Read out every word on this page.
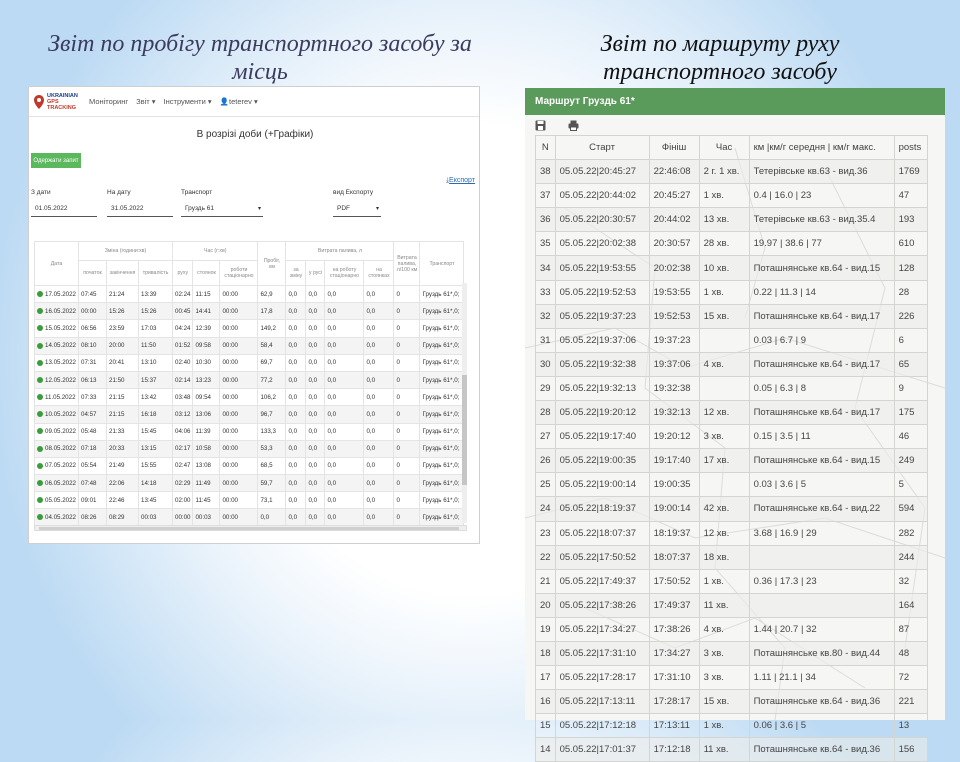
Звіт по пробігу транспортного засобу за місць
Звіт по маршруту руху транспортного засобу
UKRAINIAN
GPS TRACKING
Моніторинг Звіт ▾ Інструменти ▾ 👤teterev ▾
В розрізі доби (+Графіки)
Одержати запит
⤓Експорт
З дати
01.05.2022
На дату
31.05.2022
Транспорт
Груздь 61 ▾
вид Експорту
PDF ▾
Дата	Зміна (години:хв)			Час (г:хв)			Пробіг, км	Витрата палива, л				Витрата палива, л/100 км	Транспорт
	початок	закінчення	тривалість	руху	стоянок	роботи стаціонарно		за зміну	у русі	на роботу стаціонарно	на стоянках		
17.05.2022	07:45	21:24	13:39	02:24	11:15	00:00	62,9	0,0	0,0	0,0	0,0	0	Груздь 61*,0;
16.05.2022	00:00	15:26	15:26	00:45	14:41	00:00	17,8	0,0	0,0	0,0	0,0	0	Груздь 61*,0;
15.05.2022	06:56	23:59	17:03	04:24	12:39	00:00	149,2	0,0	0,0	0,0	0,0	0	Груздь 61*,0;
14.05.2022	08:10	20:00	11:50	01:52	09:58	00:00	58,4	0,0	0,0	0,0	0,0	0	Груздь 61*,0;
13.05.2022	07:31	20:41	13:10	02:40	10:30	00:00	69,7	0,0	0,0	0,0	0,0	0	Груздь 61*,0;
12.05.2022	06:13	21:50	15:37	02:14	13:23	00:00	77,2	0,0	0,0	0,0	0,0	0	Груздь 61*,0;
11.05.2022	07:33	21:15	13:42	03:48	09:54	00:00	106,2	0,0	0,0	0,0	0,0	0	Груздь 61*,0;
10.05.2022	04:57	21:15	16:18	03:12	13:06	00:00	96,7	0,0	0,0	0,0	0,0	0	Груздь 61*,0;
09.05.2022	05:48	21:33	15:45	04:06	11:39	00:00	133,3	0,0	0,0	0,0	0,0	0	Груздь 61*,0;
08.05.2022	07:18	20:33	13:15	02:17	10:58	00:00	53,3	0,0	0,0	0,0	0,0	0	Груздь 61*,0;
07.05.2022	05:54	21:49	15:55	02:47	13:08	00:00	68,5	0,0	0,0	0,0	0,0	0	Груздь 61*,0;
06.05.2022	07:48	22:06	14:18	02:29	11:49	00:00	59,7	0,0	0,0	0,0	0,0	0	Груздь 61*,0;
05.05.2022	09:01	22:46	13:45	02:00	11:45	00:00	73,1	0,0	0,0	0,0	0,0	0	Груздь 61*,0;
04.05.2022	08:26	08:29	00:03	00:00	00:03	00:00	0,0	0,0	0,0	0,0	0,0	0	Груздь 61*,0;
Маршрут Груздь 61*
N	Старт	Фініш	Час	км |км/г середня | км/г макс.	posts
38	05.05.22|20:45:27	22:46:08	2 г. 1 хв.	Тетерівське кв.63 - вид.36	1769
37	05.05.22|20:44:02	20:45:27	1 хв.	0.4 | 16.0 | 23	47
36	05.05.22|20:30:57	20:44:02	13 хв.	Тетерівське кв.63 - вид.35.4	193
35	05.05.22|20:02:38	20:30:57	28 хв.	19.97 | 38.6 | 77	610
34	05.05.22|19:53:55	20:02:38	10 хв.	Поташнянське кв.64 - вид.15	128
33	05.05.22|19:52:53	19:53:55	1 хв.	0.22 | 11.3 | 14	28
32	05.05.22|19:37:23	19:52:53	15 хв.	Поташнянське кв.64 - вид.17	226
31	05.05.22|19:37:06	19:37:23		0.03 | 6.7 | 9	6
30	05.05.22|19:32:38	19:37:06	4 хв.	Поташнянське кв.64 - вид.17	65
29	05.05.22|19:32:13	19:32:38		0.05 | 6.3 | 8	9
28	05.05.22|19:20:12	19:32:13	12 хв.	Поташнянське кв.64 - вид.17	175
27	05.05.22|19:17:40	19:20:12	3 хв.	0.15 | 3.5 | 11	46
26	05.05.22|19:00:35	19:17:40	17 хв.	Поташнянське кв.64 - вид.15	249
25	05.05.22|19:00:14	19:00:35		0.03 | 3.6 | 5	5
24	05.05.22|18:19:37	19:00:14	42 хв.	Поташнянське кв.64 - вид.22	594
23	05.05.22|18:07:37	18:19:37	12 хв.	3.68 | 16.9 | 29	282
22	05.05.22|17:50:52	18:07:37	18 хв.		244
21	05.05.22|17:49:37	17:50:52	1 хв.	0.36 | 17.3 | 23	32
20	05.05.22|17:38:26	17:49:37	11 хв.		164
19	05.05.22|17:34:27	17:38:26	4 хв.	1.44 | 20.7 | 32	87
18	05.05.22|17:31:10	17:34:27	3 хв.	Поташнянське кв.80 - вид.44	48
17	05.05.22|17:28:17	17:31:10	3 хв.	1.11 | 21.1 | 34	72
16	05.05.22|17:13:11	17:28:17	15 хв.	Поташнянське кв.64 - вид.36	221
15	05.05.22|17:12:18	17:13:11	1 хв.	0.06 | 3.6 | 5	13
14	05.05.22|17:01:37	17:12:18	11 хв.	Поташнянське кв.64 - вид.36	156
